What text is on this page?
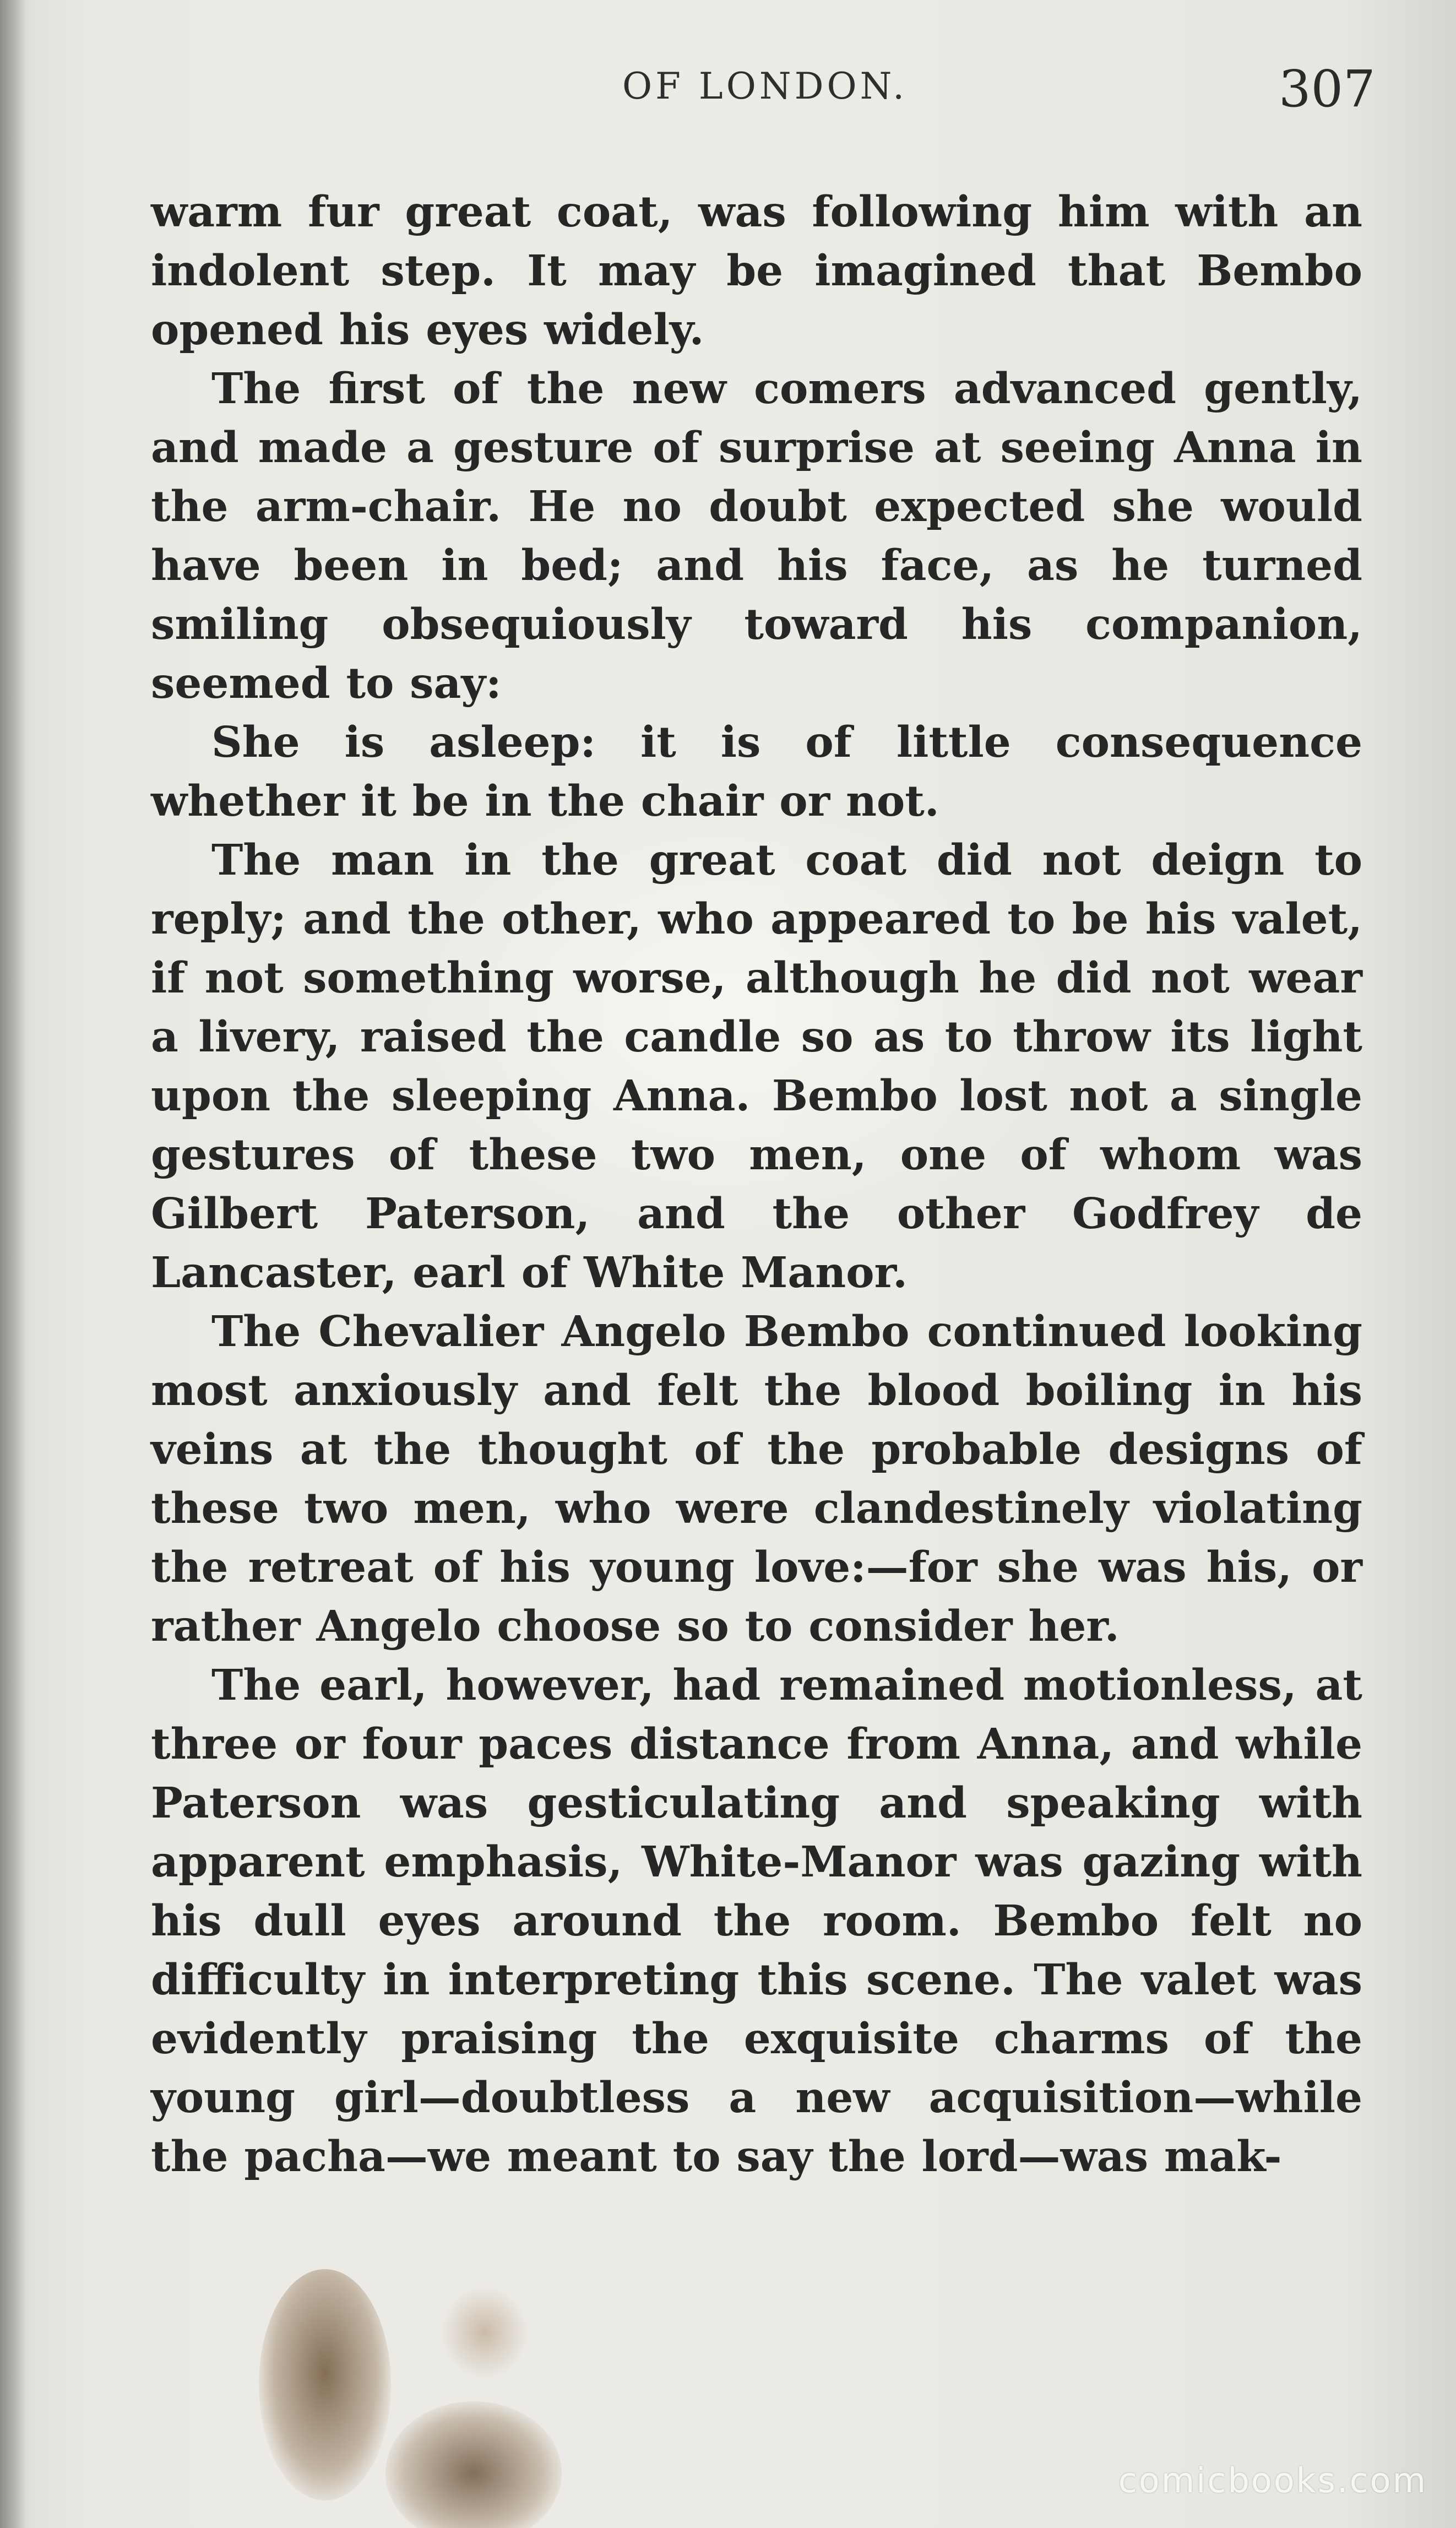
OF LONDON.	307

warm fur great coat, was following him with an indolent step. It may be imagined that Bembo opened his eyes widely.

The first of the new comers advanced gently, and made a gesture of surprise at seeing Anna in the arm-chair. He no doubt expected she would have been in bed; and his face, as he turned smiling obsequiously toward his companion, seemed to say:

She is asleep: it is of little consequence whether it be in the chair or not.

The man in the great coat did not deign to reply; and the other, who appeared to be his valet, if not something worse, although he did not wear a livery, raised the candle so as to throw its light upon the sleeping Anna. Bembo lost not a single gestures of these two men, one of whom was Gilbert Paterson, and the other Godfrey de Lancaster, earl of White Manor.

The Chevalier Angelo Bembo continued looking most anxiously and felt the blood boiling in his veins at the thought of the probable designs of these two men, who were clandestinely violating the retreat of his young love:—for she was his, or rather Angelo choose so to consider her.

The earl, however, had remained motionless, at three or four paces distance from Anna, and while Paterson was gesticulating and speaking with apparent emphasis, White-Manor was gazing with his dull eyes around the room. Bembo felt no difficulty in interpreting this scene. The valet was evidently praising the exquisite charms of the young girl—doubtless a new acquisition—while the pacha—we meant to say the lord—was mak-

comicbooks.com
